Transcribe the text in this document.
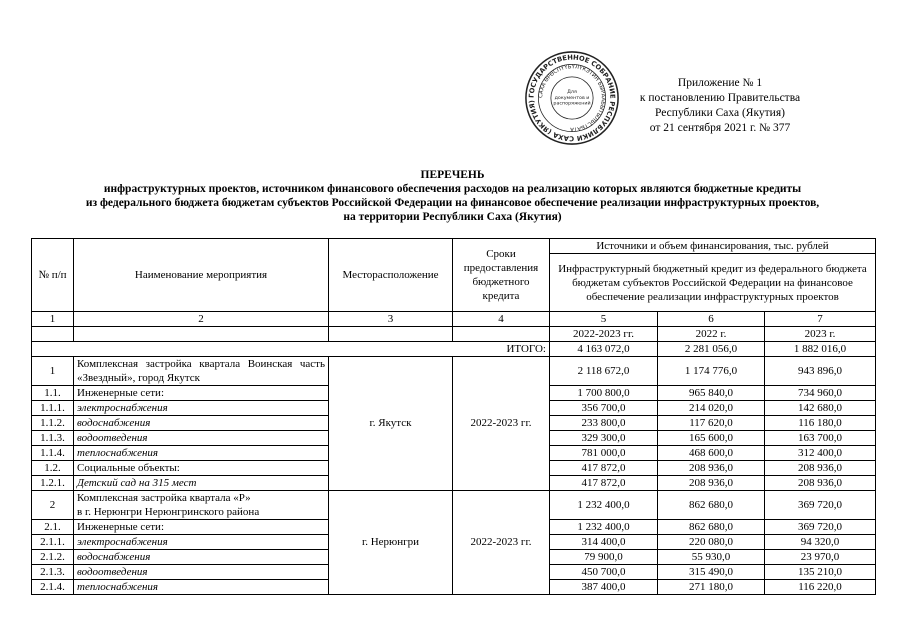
ГОСУДАРСТВЕННОЕ СОБРАНИЕ РЕСПУБЛИКИ САХА (ЯКУТИЯ)
САХА ӨРӨСПҮҮБҮЛҮКЭТИН БЫРААБЫТЫЛЬСТБАТА
Для
документов и
распоряжений
Приложение № 1
к постановлению Правительства
Республики Саха (Якутия)
от 21 сентября 2021 г. № 377
ПЕРЕЧЕНЬ
инфраструктурных проектов, источником финансового обеспечения расходов на реализацию которых являются бюджетные кредиты
из федерального бюджета бюджетам субъектов Российской Федерации на финансовое обеспечение реализации инфраструктурных проектов,
на территории Республики Саха (Якутия)
№ п/п	Наименование мероприятия	Месторасположение	Сроки предоставления бюджетного кредита	Источники и объем финансирования, тыс. рублей		
				Инфраструктурный бюджетный кредит из федерального бюджета бюджетам субъектов Российской Федерации на финансовое обеспечение реализации инфраструктурных проектов		
1	2	3	4	5	6	7
				2022-2023 гг.	2022 г.	2023 г.
ИТОГО:				4 163 072,0	2 281 056,0	1 882 016,0
1	Комплексная застройка квартала Воинская часть «Звездный», город Якутск	г. Якутск	2022-2023 гг.	2 118 672,0	1 174 776,0	943 896,0
1.1.	Инженерные сети:			1 700 800,0	965 840,0	734 960,0
1.1.1.	электроснабжения			356 700,0	214 020,0	142 680,0
1.1.2.	водоснабжения			233 800,0	117 620,0	116 180,0
1.1.3.	водоотведения			329 300,0	165 600,0	163 700,0
1.1.4.	теплоснабжения			781 000,0	468 600,0	312 400,0
1.2.	Социальные объекты:			417 872,0	208 936,0	208 936,0
1.2.1.	Детский сад на 315 мест			417 872,0	208 936,0	208 936,0
2	Комплексная застройка квартала «Р»
в г. Нерюнгри Нерюнгринского района	г. Нерюнгри	2022-2023 гг.	1 232 400,0	862 680,0	369 720,0
2.1.	Инженерные сети:			1 232 400,0	862 680,0	369 720,0
2.1.1.	электроснабжения			314 400,0	220 080,0	94 320,0
2.1.2.	водоснабжения			79 900,0	55 930,0	23 970,0
2.1.3.	водоотведения			450 700,0	315 490,0	135 210,0
2.1.4.	теплоснабжения			387 400,0	271 180,0	116 220,0
